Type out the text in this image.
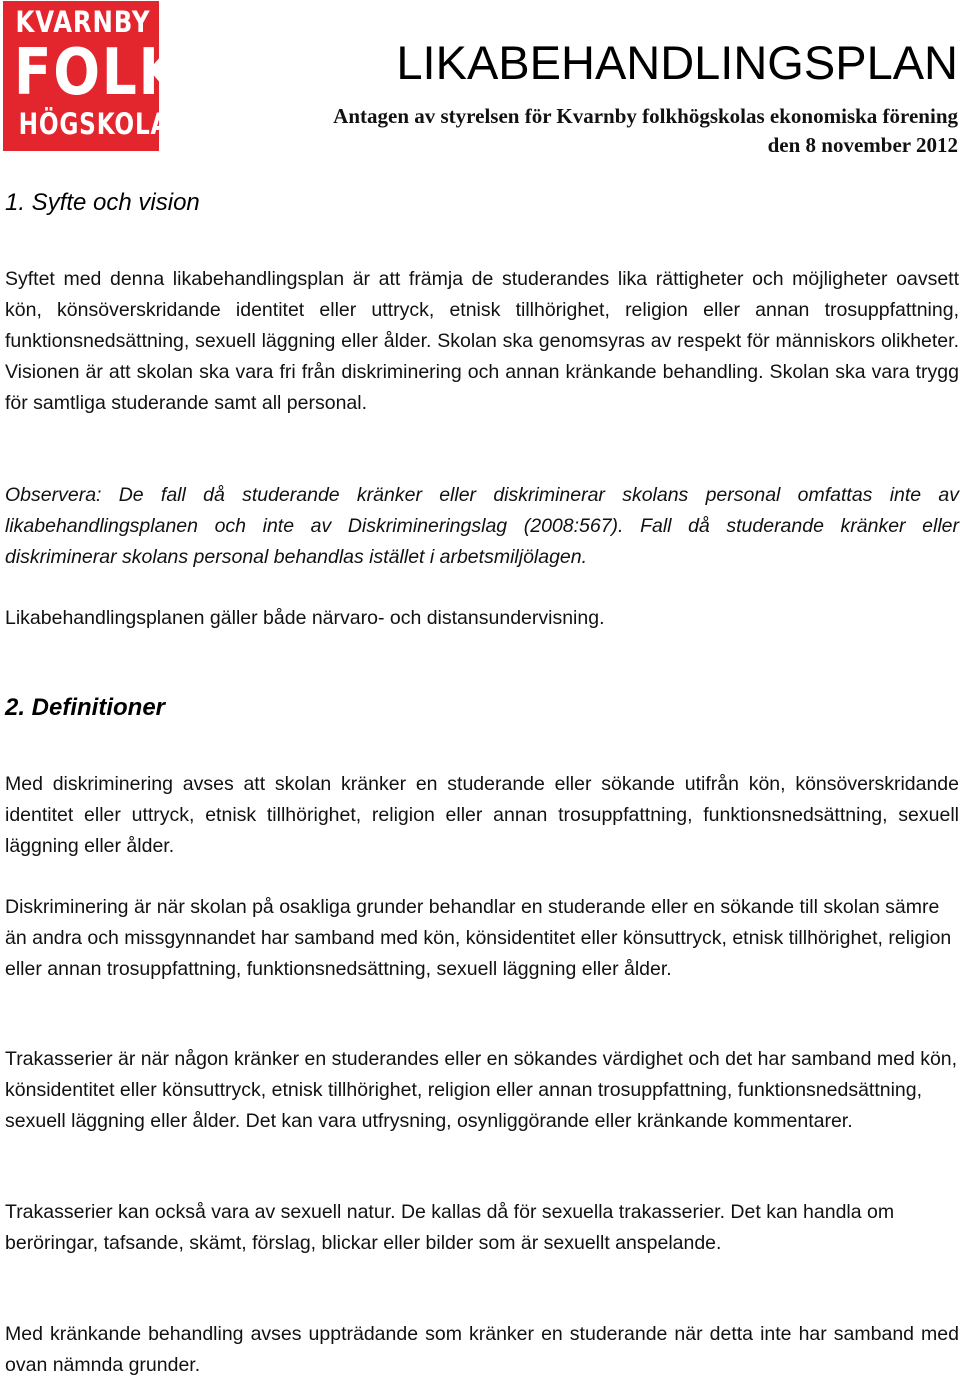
KVARNBY
FOLK
HÖGSKOLA
LIKABEHANDLINGSPLAN
Antagen av styrelsen för Kvarnby folkhögskolas ekonomiska förening
den 8 november 2012
1. Syfte och vision

Syftet med denna likabehandlingsplan är att främja de studerandes lika rättigheter och möjligheter oavsett kön, könsöverskridande identitet eller uttryck, etnisk tillhörighet, religion eller annan trosuppfattning, funktionsnedsättning, sexuell läggning eller ålder. Skolan ska genomsyras av respekt för människors olikheter. Visionen är att skolan ska vara fri från diskriminering och annan kränkande behandling. Skolan ska vara trygg för samtliga studerande samt all personal.

Observera: De fall då studerande kränker eller diskriminerar skolans personal omfattas inte av likabehandlingsplanen och inte av Diskrimineringslag (2008:567). Fall då studerande kränker eller diskriminerar skolans personal behandlas istället i arbetsmiljölagen.

Likabehandlingsplanen gäller både närvaro- och distansundervisning.

2. Definitioner

Med diskriminering avses att skolan kränker en studerande eller sökande utifrån kön, könsöverskridande identitet eller uttryck, etnisk tillhörighet, religion eller annan trosuppfattning, funktionsnedsättning, sexuell läggning eller ålder.

Diskriminering är när skolan på osakliga grunder behandlar en studerande eller en sökande till skolan sämre än andra och missgynnandet har samband med kön, könsidentitet eller könsuttryck, etnisk tillhörighet, religion eller annan trosuppfattning, funktionsnedsättning, sexuell läggning eller ålder.

Trakasserier är när någon kränker en studerandes eller en sökandes värdighet och det har samband med kön, könsidentitet eller könsuttryck, etnisk tillhörighet, religion eller annan trosuppfattning, funktionsnedsättning, sexuell läggning eller ålder. Det kan vara utfrysning, osynliggörande eller kränkande kommentarer.

Trakasserier kan också vara av sexuell natur. De kallas då för sexuella trakasserier. Det kan handla om beröringar, tafsande, skämt, förslag, blickar eller bilder som är sexuellt anspelande.

Med kränkande behandling avses uppträdande som kränker en studerande när detta inte har samband med ovan nämnda grunder.
